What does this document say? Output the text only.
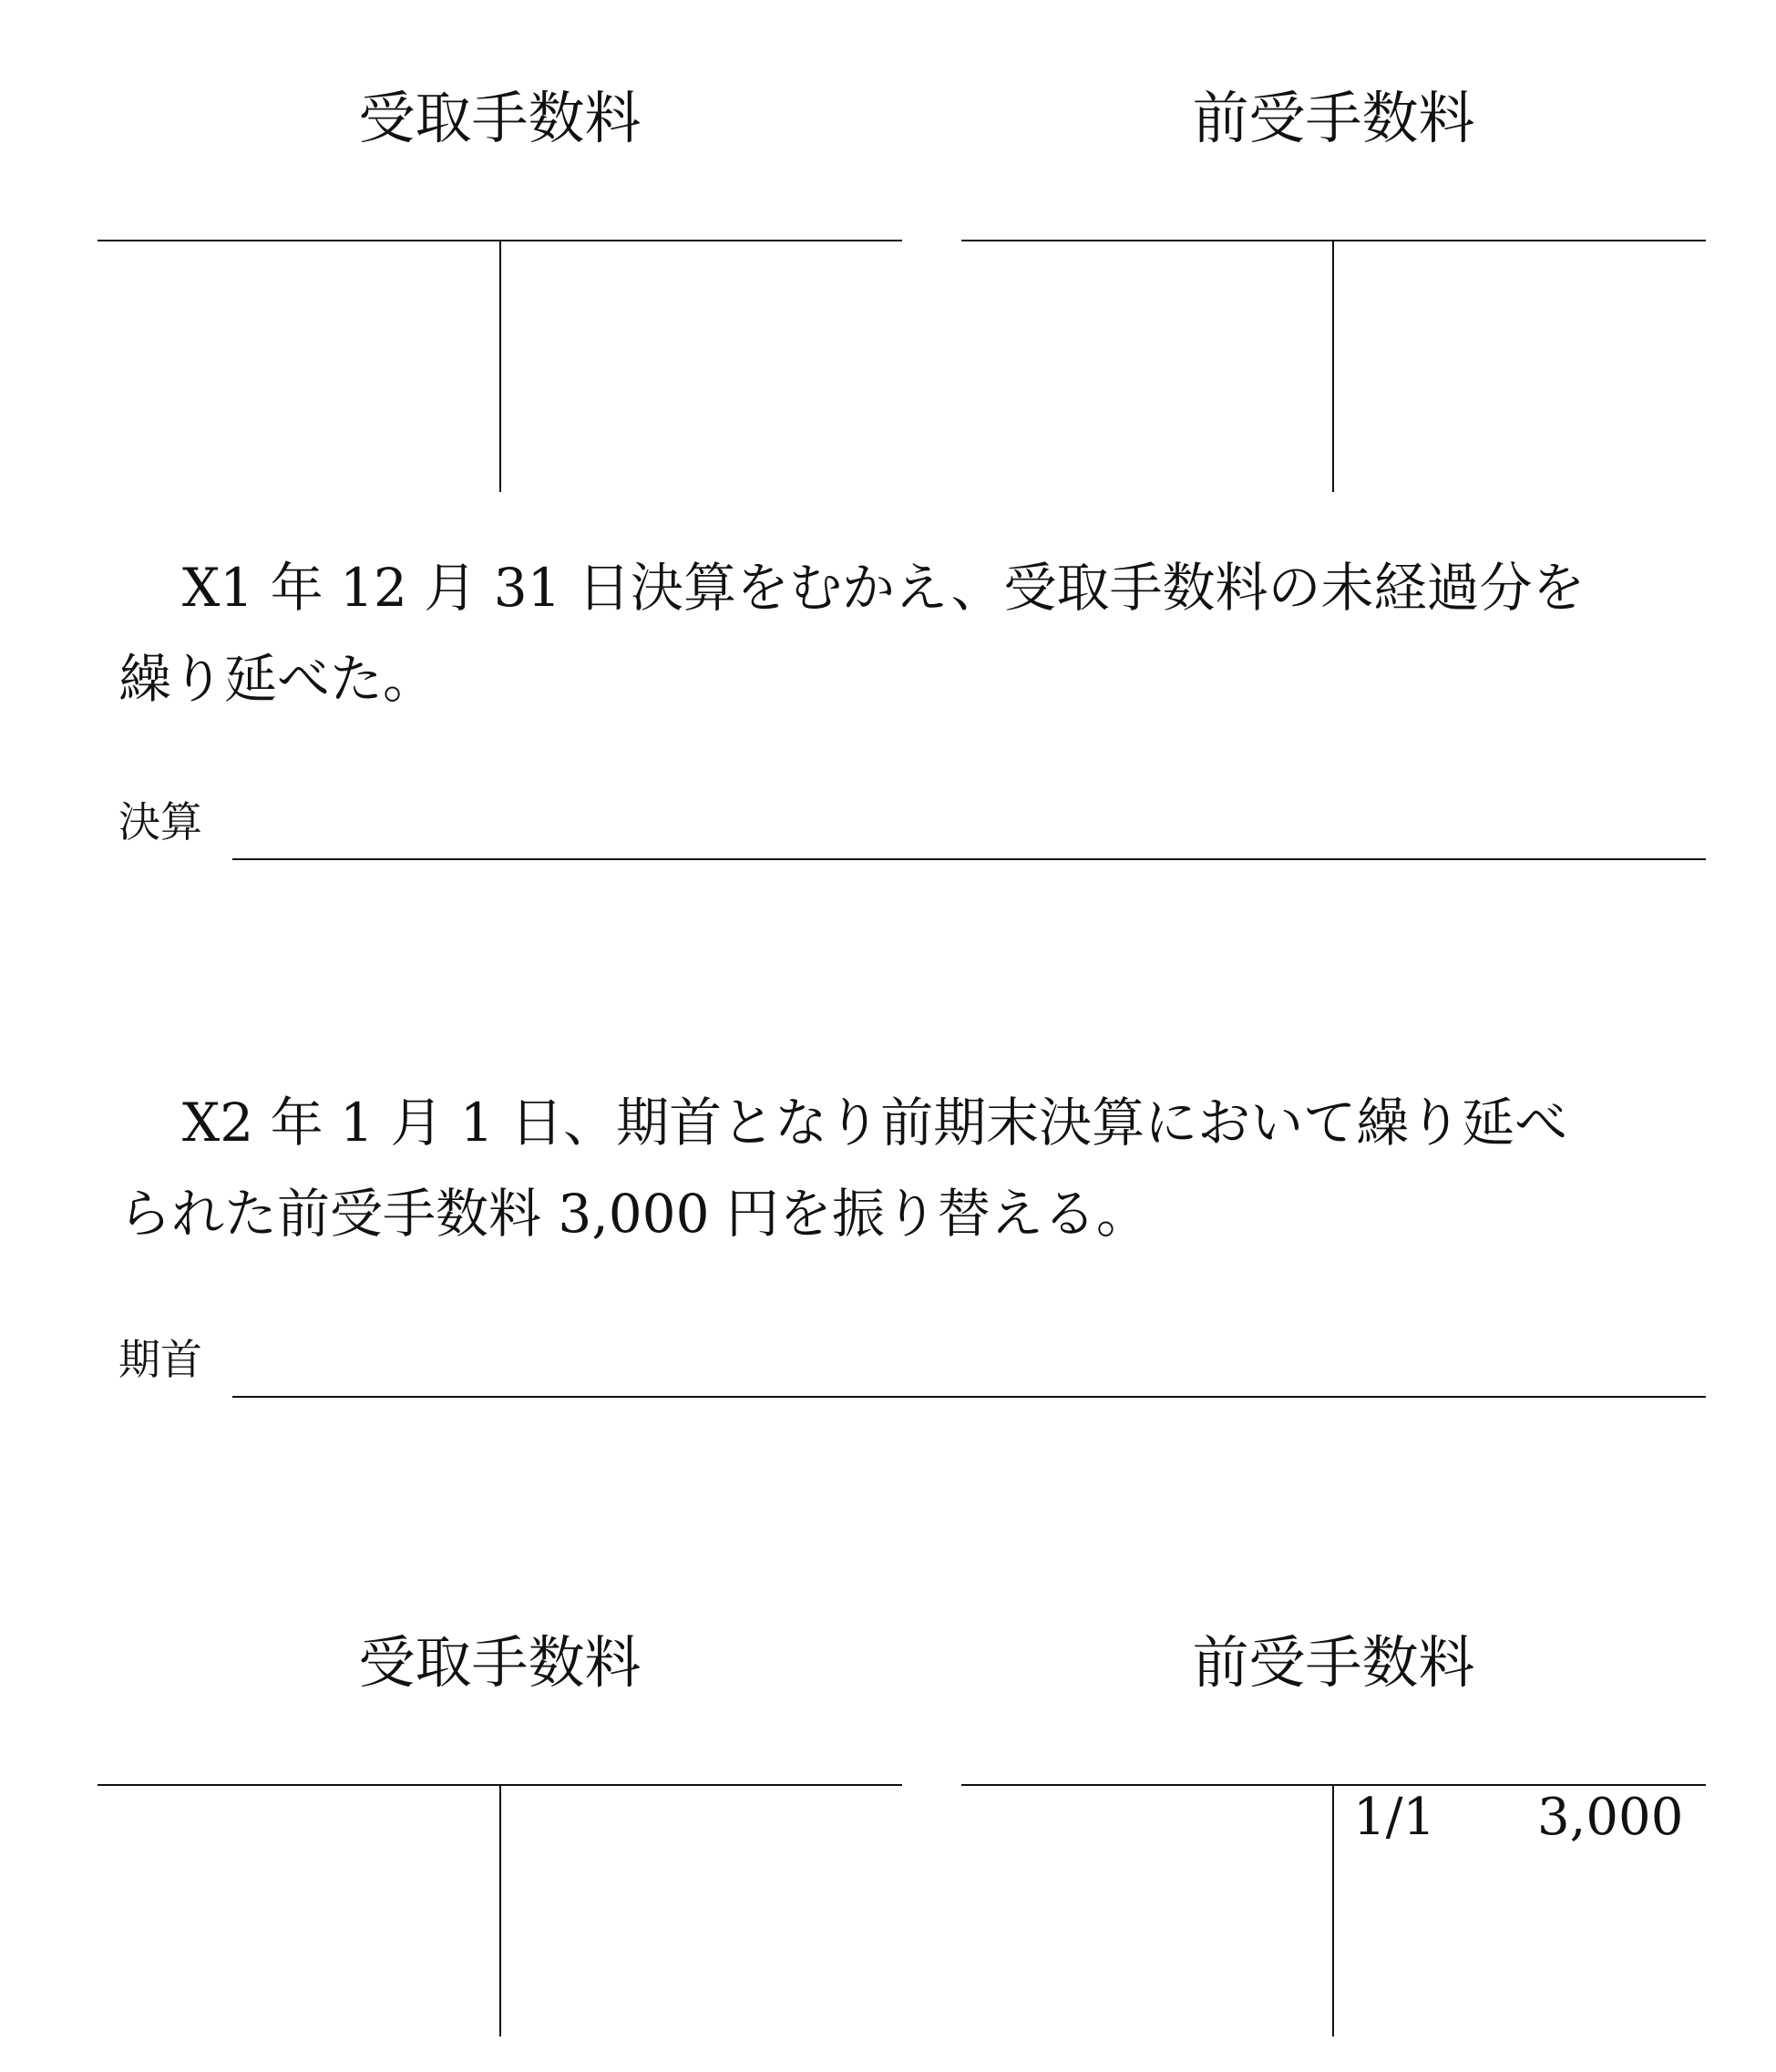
受取手数料	前受手数料
X1 年 12 月 31 日決算をむかえ、受取手数料の未経過分を
繰り延べた。
決算
X2 年 1 月 1 日、期首となり前期末決算において繰り延べ
られた前受手数料 3,000 円を振り替える。
期首
受取手数料	前受手数料
1/1 3,000
